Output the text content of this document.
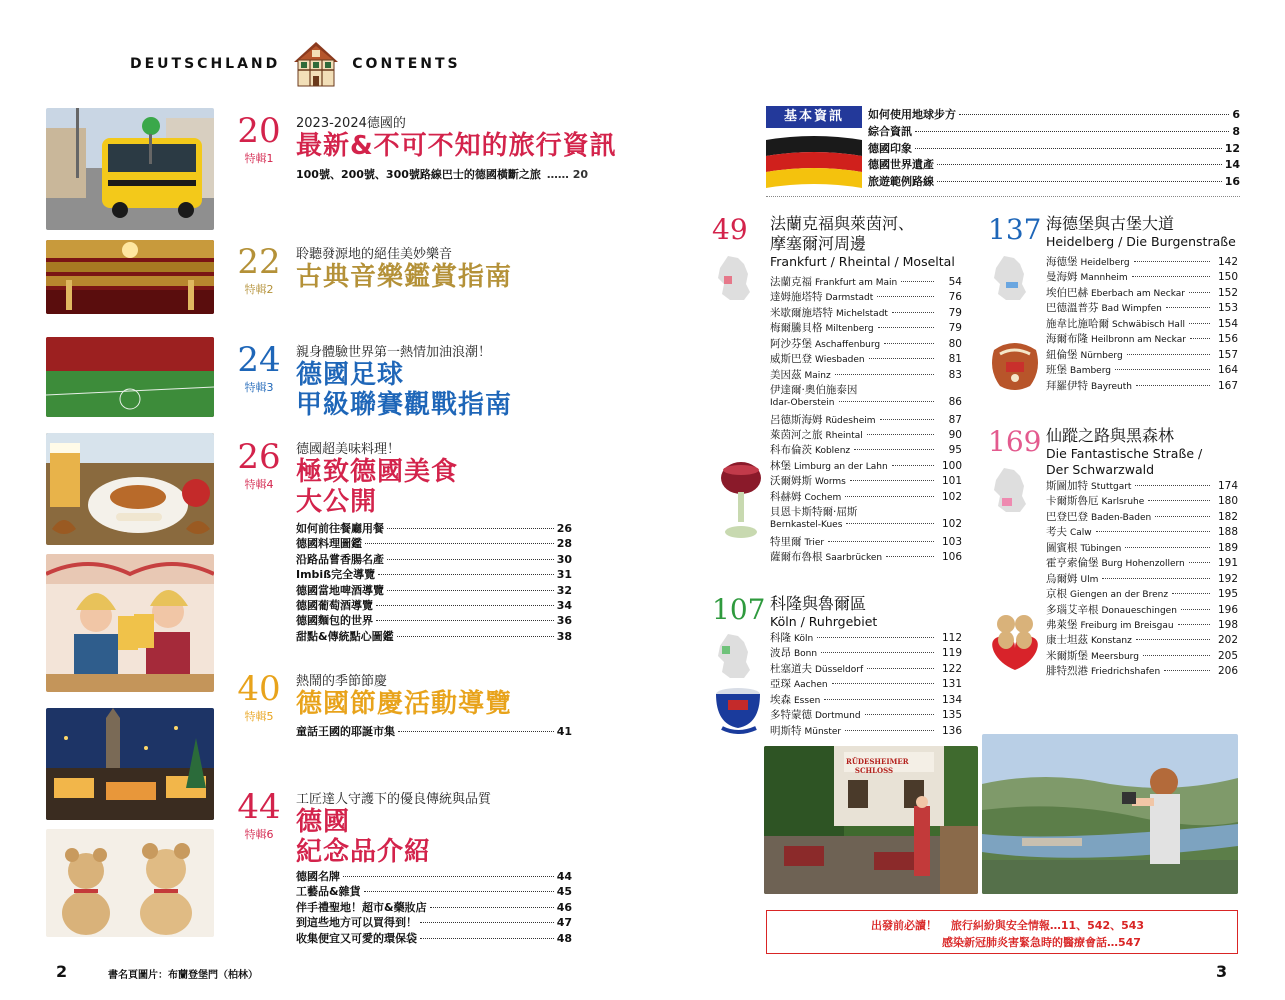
DEUTSCHLAND	CONTENTS
20
特輯1
2023-2024德國的
最新&不可不知的旅行資訊
100號、200號、300號路線巴士的德國橫斷之旅 …… 20
22
特輯2
聆聽發源地的絕佳美妙樂音
古典音樂鑑賞指南
24
特輯3
親身體驗世界第一熱情加油浪潮！
德國足球
甲級聯賽觀戰指南
26
特輯4
德國超美味料理！
極致德國美食
大公開
如何前往餐廳用餐	26
德國料理圖鑑	28
沿路品嘗香腸名產	30
Imbiß完全導覽	31
德國當地啤酒導覽	32
德國葡萄酒導覽	34
德國麵包的世界	36
甜點&傳統點心圖鑑	38
40
特輯5
熱鬧的季節節慶
德國節慶活動導覽
童話王國的耶誕市集	41
44
特輯6
工匠達人守護下的優良傳統與品質
德國
紀念品介紹
德國名牌	44
工藝品&雜貨	45
伴手禮聖地！超市&藥妝店	46
到這些地方可以買得到！	47
收集便宜又可愛的環保袋	48
基本資訊	如何使用地球步方	6
綜合資訊	8
德國印象	12
德國世界遺產	14
旅遊範例路線	16
49 法蘭克福與萊茵河、
摩塞爾河周邊
Frankfurt / Rheintal / Moseltal
法蘭克福 Frankfurt am Main	54
達姆施塔特 Darmstadt	76
米歇爾施塔特 Michelstadt	79
梅爾騰貝格 Miltenberg	79
阿沙芬堡 Aschaffenburg	80
威斯巴登 Wiesbaden	81
美因茲 Mainz	83
伊達爾·奧伯施泰因
Idar-Oberstein	86
呂德斯海姆 Rüdesheim	87
萊茵河之旅 Rheintal	90
科布倫茨 Koblenz	95
林堡 Limburg an der Lahn	100
沃爾姆斯 Worms	101
科赫姆 Cochem	102
貝恩卡斯特爾·屈斯
Bernkastel-Kues	102
特里爾 Trier	103
薩爾布魯根 Saarbrücken	106
107 科隆與魯爾區
Köln / Ruhrgebiet
科隆 Köln	112
波昂 Bonn	119
杜塞道夫 Düsseldorf	122
亞琛 Aachen	131
埃森 Essen	134
多特蒙德 Dortmund	135
明斯特 Münster	136
137 海德堡與古堡大道
Heidelberg / Die Burgenstraße
海德堡 Heidelberg	142
曼海姆 Mannheim	150
埃伯巴赫 Eberbach am Neckar	152
巴德溫普芬 Bad Wimpfen	153
施韋比施哈爾 Schwäbisch Hall	154
海爾布隆 Heilbronn am Neckar	156
紐倫堡 Nürnberg	157
班堡 Bamberg	164
拜羅伊特 Bayreuth	167
169 仙蹤之路與黑森林
Die Fantastische Straße /
Der Schwarzwald
斯圖加特 Stuttgart	174
卡爾斯魯厄 Karlsruhe	180
巴登巴登 Baden-Baden	182
考夫 Calw	188
圖賓根 Tübingen	189
霍亨索倫堡 Burg Hohenzollern	191
烏爾姆 Ulm	192
京根 Giengen an der Brenz	195
多瑙艾辛根 Donaueschingen	196
弗萊堡 Freiburg im Breisgau	198
康士坦茲 Konstanz	202
米爾斯堡 Meersburg	205
腓特烈港 Friedrichshafen	206
RÜDESHEIMER
SCHLOSS
出發前必讀！ 旅行糾紛與安全情報…11、542、543
感染新冠肺炎害緊急時的醫療會話…547
2	書名頁圖片：布蘭登堡門（柏林）	3
